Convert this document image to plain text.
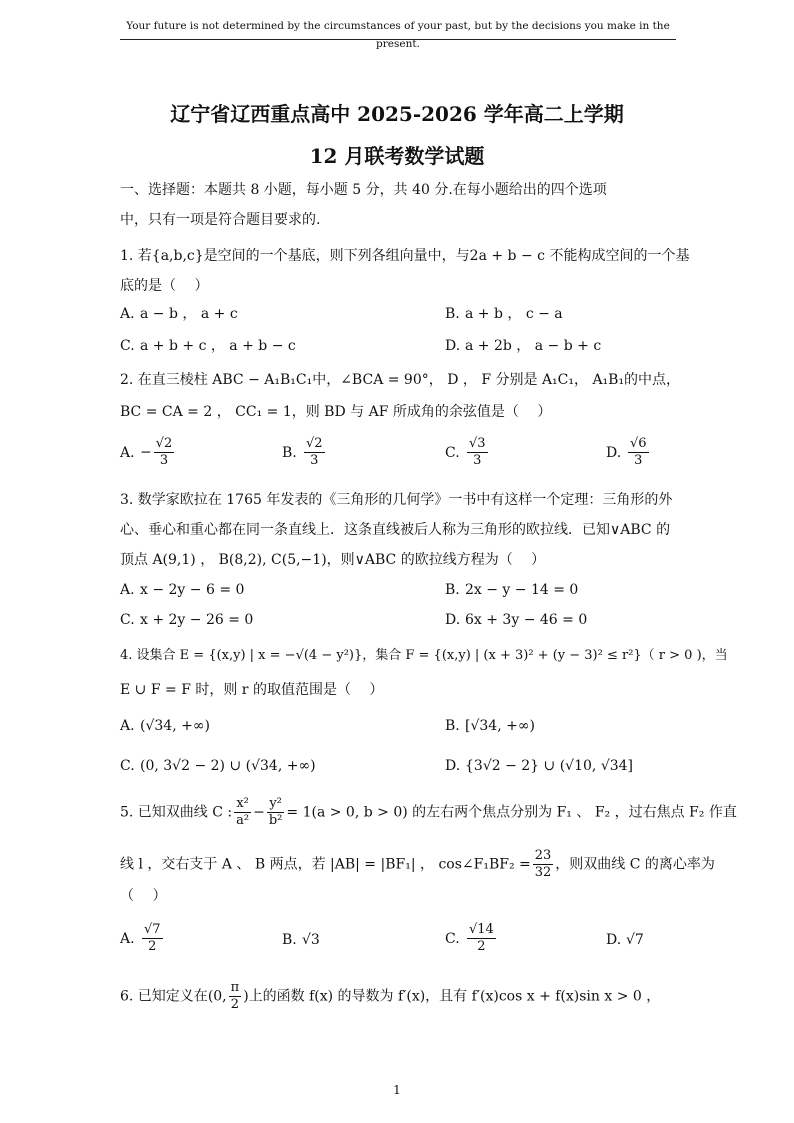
Your future is not determined by the circumstances of your past, but by the decisions you make in the present.
辽宁省辽西重点高中 2025-2026 学年高二上学期
12 月联考数学试题
一、选择题：本题共 8 小题，每小题 5 分，共 40 分.在每小题给出的四个选项
中，只有一项是符合题目要求的.
1. 若{a,b,c}是空间的一个基底，则下列各组向量中，与2a + b − c 不能构成空间的一个基
底的是（　 ）
A. a − b ， a + c	B. a + b ， c − a
C. a + b + c ， a + b − c	D. a + 2b ， a − b + c
2. 在直三棱柱 ABC − A₁B₁C₁中，∠BCA = 90°， D ， F 分别是 A₁C₁， A₁B₁的中点，
BC = CA = 2 ， CC₁ = 1，则 BD 与 AF 所成角的余弦值是（　 ）
A. − $\frac{√2}{3}$	B. $\frac{√2}{3}$	C. $\frac{√3}{3}$	D. $\frac{√6}{3}$
3. 数学家欧拉在 1765 年发表的《三角形的几何学》一书中有这样一个定理：三角形的外
心、垂心和重心都在同一条直线上．这条直线被后人称为三角形的欧拉线．已知∨ABC 的
顶点 A(9,1) ， B(8,2), C(5,−1)，则∨ABC 的欧拉线方程为（　 ）
A. x − 2y − 6 = 0	B. 2x − y − 14 = 0
C. x + 2y − 26 = 0	D. 6x + 3y − 46 = 0
4. 设集合 E = {(x,y) | x = −√(4 − y²)}，集合 F = {(x,y) | (x + 3)² + (y − 3)² ≤ r²}（ r > 0 )，当
E ∪ F = F 时，则 r 的取值范围是（　 ）
A. (√34, +∞)	B. [√34, +∞)
C. (0, 3√2 − 2) ∪ (√34, +∞)	D. {3√2 − 2} ∪ (√10, √34]
5. 已知双曲线 C : $\frac{\text{x²}}{\text{a²}} - \frac{\text{y²}}{\text{b²}} = 1(a > 0$, b > 0) 的左右两个焦点分别为 F₁ 、 F₂ ，过右焦点 F₂ 作直
线 l ，交右支于 A 、 B 两点，若 |AB| = |BF₁| ， cos∠F₁BF₂ = $\frac{23}{32}$ ，则双曲线 C 的离心率为
（　 ）
A. $\frac{√7}{2}$	B. √3	C. $\frac{√14}{2}$	D. √7
6. 已知定义在(0, $\frac{\pi}{2}$ )上的函数 f(x) 的导数为 f′(x)，且有 f′(x)cos x + f(x)sin x > 0 ，
1
